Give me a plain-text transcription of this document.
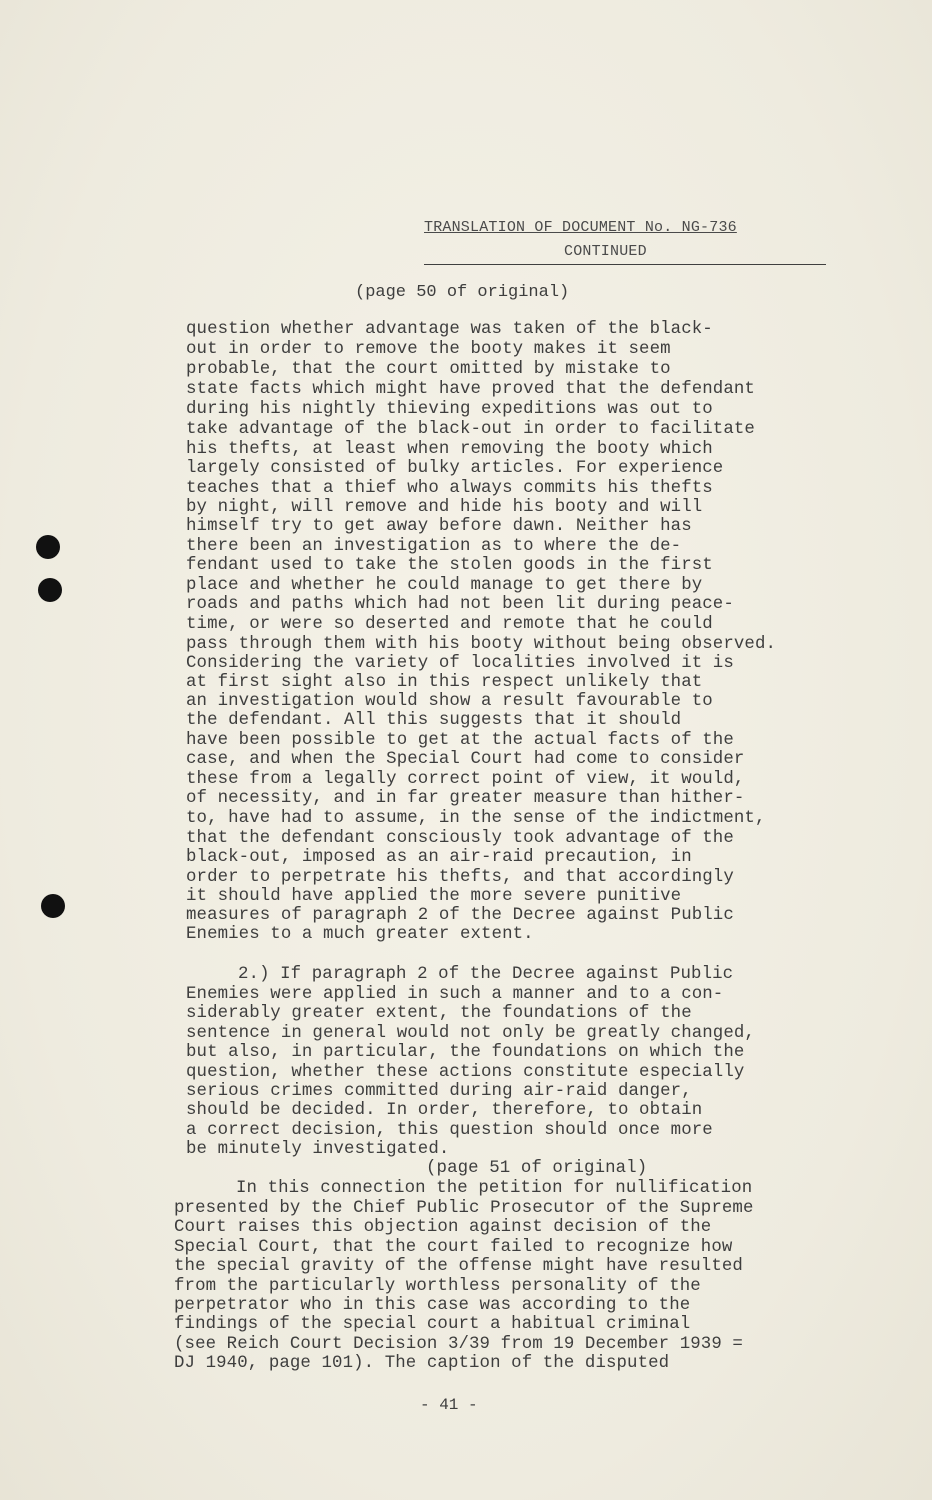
TRANSLATION OF DOCUMENT No. NG-736
CONTINUED
(page 50 of original)
question whether advantage was taken of the black-
out in order to remove the booty makes it seem
probable, that the court omitted by mistake to
state facts which might have proved that the defendant
during his nightly thieving expeditions was out to
take advantage of the black-out in order to facilitate
his thefts, at least when removing the booty which
largely consisted of bulky articles. For experience
teaches that a thief who always commits his thefts
by night, will remove and hide his booty and will
himself try to get away before dawn. Neither has
there been an investigation as to where the de-
fendant used to take the stolen goods in the first
place and whether he could manage to get there by
roads and paths which had not been lit during peace-
time, or were so deserted and remote that he could
pass through them with his booty without being observed.
Considering the variety of localities involved it is
at first sight also in this respect unlikely that
an investigation would show a result favourable to
the defendant. All this suggests that it should
have been possible to get at the actual facts of the
case, and when the Special Court had come to consider
these from a legally correct point of view, it would,
of necessity, and in far greater measure than hither-
to, have had to assume, in the sense of the indictment,
that the defendant consciously took advantage of the
black-out, imposed as an air-raid precaution, in
order to perpetrate his thefts, and that accordingly
it should have applied the more severe punitive
measures of paragraph 2 of the Decree against Public
Enemies to a much greater extent.
2.) If paragraph 2 of the Decree against Public
Enemies were applied in such a manner and to a con-
siderably greater extent, the foundations of the
sentence in general would not only be greatly changed,
but also, in particular, the foundations on which the
question, whether these actions constitute especially
serious crimes committed during air-raid danger,
should be decided. In order, therefore, to obtain
a correct decision, this question should once more
be minutely investigated.
(page 51 of original)
In this connection the petition for nullification
presented by the Chief Public Prosecutor of the Supreme
Court raises this objection against decision of the
Special Court, that the court failed to recognize how
the special gravity of the offense might have resulted
from the particularly worthless personality of the
perpetrator who in this case was according to the
findings of the special court a habitual criminal
(see Reich Court Decision 3/39 from 19 December 1939 =
DJ 1940, page 101). The caption of the disputed
- 41 -
